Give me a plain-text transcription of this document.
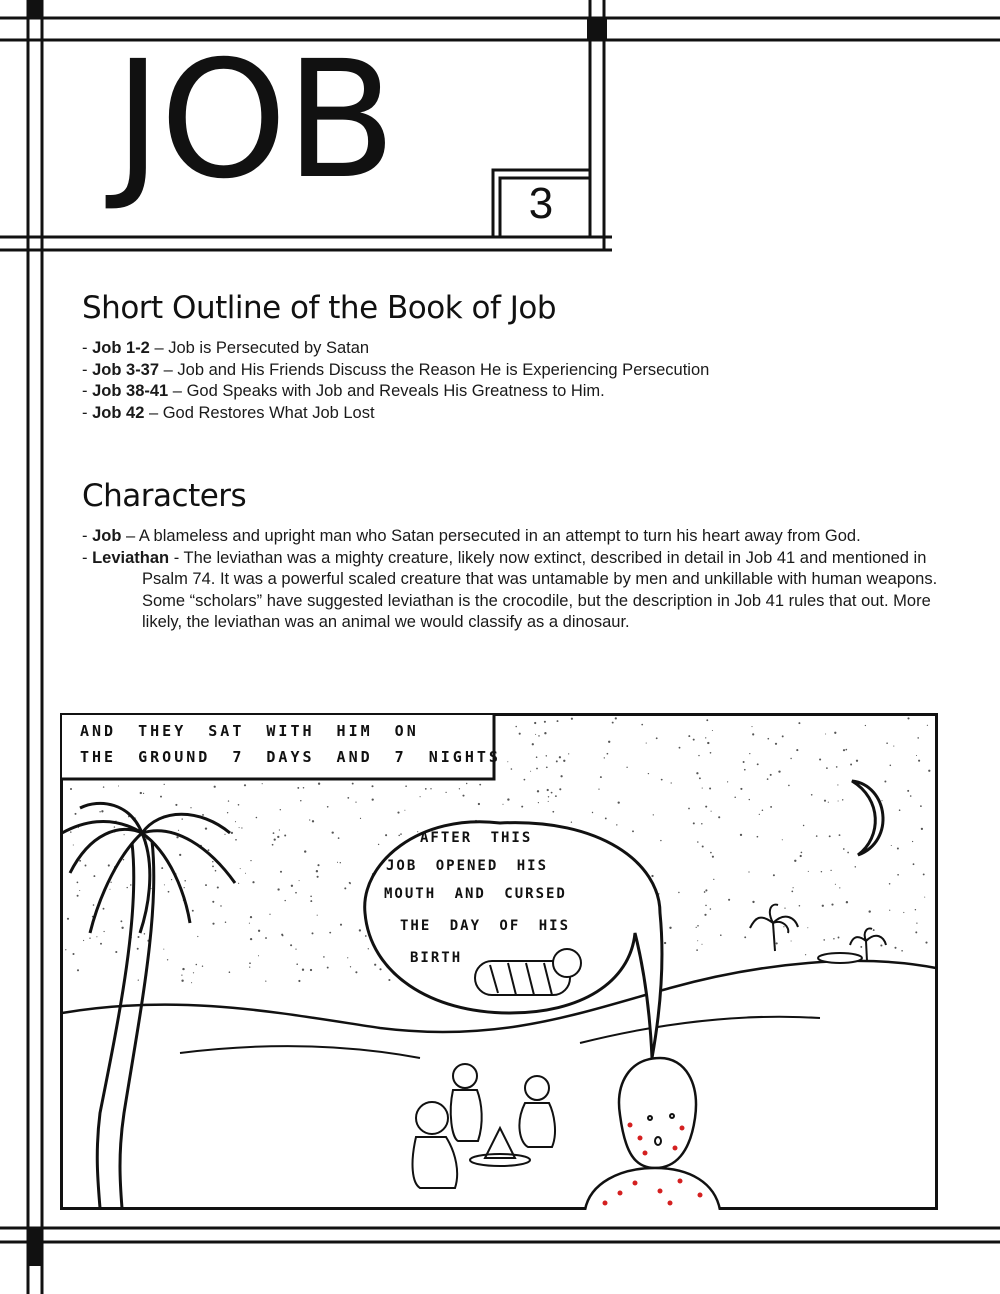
JOB	3
Short Outline of the Book of Job
- Job 1-2 – Job is Persecuted by Satan
- Job 3-37 – Job and His Friends Discuss the Reason He is Experiencing Persecution
- Job 38-41 – God Speaks with Job and Reveals His Greatness to Him.
- Job 42 – God Restores What Job Lost
Characters
- Job – A blameless and upright man who Satan persecuted in an attempt to turn his heart away from God.
- Leviathan - The leviathan was a mighty creature, likely now extinct, described in detail in Job 41 and mentioned in Psalm 74. It was a powerful scaled creature that was untamable by men and unkillable with human weapons. Some “scholars” have suggested leviathan is the crocodile, but the description in Job 41 rules that out. More likely, the leviathan was an animal we would classify as a dinosaur.
AND THEY SAT WITH HIM ON
THE GROUND 7 DAYS AND 7 NIGHTS
AFTER THIS
JOB OPENED HIS
MOUTH AND CURSED
THE DAY OF HIS
BIRTH
